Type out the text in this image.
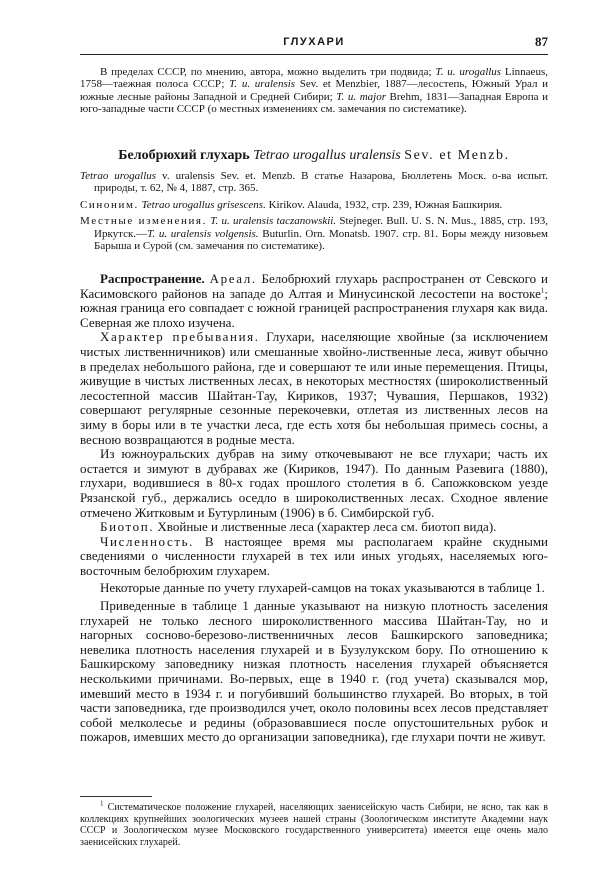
ГЛУХАРИ	87

В пределах СССР, по мнению, автора, можно выделить три подвида; T. u. urogallus Linnaeus, 1758—таежная полоса СССР; T. u. uralensis Sev. et Menzbier, 1887—лесостепь, Южный Урал и южные лесные районы Западной и Средней Сибири; T. u. major Brehm, 1831—Западная Европа и юго-западные части СССР (о местных изменениях см. замечания по систематике).

Белобрюхий глухарь Tetrao urogallus uralensis Sev. et Menzb.

Tetrao urogallus v. uralensis Sev. et. Menzb. В статье Назарова, Бюллетень Моск. о-ва испыт. природы, т. 62, № 4, 1887, стр. 365.

Синоним. Tetrao urogallus grisescens. Kirikov. Alauda, 1932, стр. 239, Южная Башкирия.

Местные изменения. T. u. uralensis taczanowskii. Stejneger. Bull. U. S. N. Mus., 1885, стр. 193, Иркутск.—T. u. uralensis volgensis. Buturlin. Orn. Monatsb. 1907. стр. 81. Боры между низовьем Барыша и Сурой (см. замечания по систематике).

Распространение. Ареал. Белобрюхий глухарь распространен от Севского и Касимовского районов на западе до Алтая и Минусинской лесостепи на востоке$^1$; южная граница его совпадает с южной границей распространения глухаря как вида. Северная же плохо изучена.

Характер пребывания. Глухари, населяющие хвойные (за исключением чистых лиственничников) или смешанные хвойно-лиственные леса, живут обычно в пределах небольшого района, где и совершают те или иные перемещения. Птицы, живущие в чистых лиственных лесах, в некоторых местностях (широколиственный лесостепной массив Шайтан-Тау, Кириков, 1937; Чувашия, Першаков, 1932) совершают регулярные сезонные перекочевки, отлетая из лиственных лесов на зиму в боры или в те участки леса, где есть хотя бы небольшая примесь сосны, а весною возвращаются в родные места.

Из южноуральских дубрав на зиму откочевывают не все глухари; часть их остается и зимуют в дубравах же (Кириков, 1947). По данным Разевига (1880), глухари, водившиеся в 80-х годах прошлого столетия в б. Сапожковском уезде Рязанской губ., держались оседло в широколиственных лесах. Сходное явление отмечено Житковым и Бутурлиным (1906) в б. Симбирской губ.

Биотоп. Хвойные и лиственные леса (характер леса см. биотоп вида).

Численность. В настоящее время мы располагаем крайне скудными сведениями о численности глухарей в тех или иных угодьях, населяемых юго-восточным белобрюхим глухарем.

Некоторые данные по учету глухарей-самцов на токах указываются в таблице 1.

Приведенные в таблице 1 данные указывают на низкую плотность заселения глухарей не только лесного широколиственного массива Шайтан-Тау, но и нагорных сосново-березово-лиственничных лесов Башкирского заповедника; невелика плотность населения глухарей и в Бузулукском бору. По отношению к Башкирскому заповеднику низкая плотность населения глухарей объясняется несколькими причинами. Во-первых, еще в 1940 г. (год учета) сказывался мор, имевший место в 1934 г. и погубивший большинство глухарей. Во вторых, в той части заповедника, где производился учет, около половины всех лесов представляет собой мелколесье и редины (образовавшиеся после опустошительных рубок и пожаров, имевших место до организации заповедника), где глухари почти не живут.

$^1$ Систематическое положение глухарей, населяющих заенисейскую часть Сибири, не ясно, так как в коллекциях крупнейших зоологических музеев нашей страны (Зоологическом институте Академии наук СССР и Зоологическом музее Московского государственного университета) имеется еще очень мало заенисейских глухарей.
